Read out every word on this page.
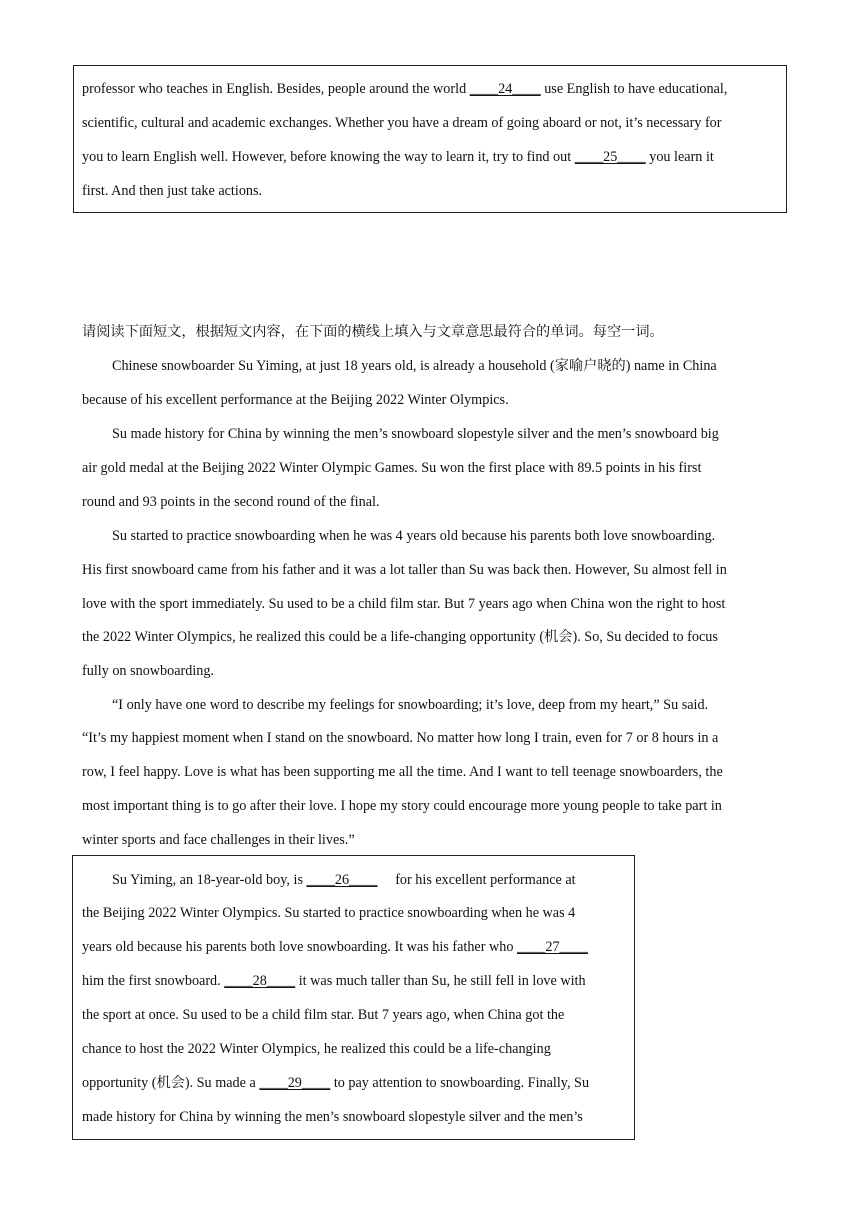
professor who teaches in English. Besides, people around the world ____24____ use English to have educational,
scientific, cultural and academic exchanges. Whether you have a dream of going aboard or not, it’s necessary for
you to learn English well. However, before knowing the way to learn it, try to find out ____25____ you learn it
first. And then just take actions.
请阅读下面短文，根据短文内容，在下面的横线上填入与文章意思最符合的单词。每空一词。
Chinese snowboarder Su Yiming, at just 18 years old, is already a household (家喻户晓的) name in China
because of his excellent performance at the Beijing 2022 Winter Olympics.
Su made history for China by winning the men’s snowboard slopestyle silver and the men’s snowboard big
air gold medal at the Beijing 2022 Winter Olympic Games. Su won the first place with 89.5 points in his first
round and 93 points in the second round of the final.
Su started to practice snowboarding when he was 4 years old because his parents both love snowboarding.
His first snowboard came from his father and it was a lot taller than Su was back then. However, Su almost fell in
love with the sport immediately. Su used to be a child film star. But 7 years ago when China won the right to host
the 2022 Winter Olympics, he realized this could be a life-changing opportunity (机会). So, Su decided to focus
fully on snowboarding.
“I only have one word to describe my feelings for snowboarding; it’s love, deep from my heart,” Su said.
“It’s my happiest moment when I stand on the snowboard. No matter how long I train, even for 7 or 8 hours in a
row, I feel happy. Love is what has been supporting me all the time. And I want to tell teenage snowboarders, the
most important thing is to go after their love. I hope my story could encourage more young people to take part in
winter sports and face challenges in their lives.”
Su Yiming, an 18-year-old boy, is ____26____     for his excellent performance at
the Beijing 2022 Winter Olympics. Su started to practice snowboarding when he was 4
years old because his parents both love snowboarding. It was his father who ____27____
him the first snowboard. ____28____ it was much taller than Su, he still fell in love with
the sport at once. Su used to be a child film star. But 7 years ago, when China got the
chance to host the 2022 Winter Olympics, he realized this could be a life-changing
opportunity (机会). Su made a ____29____ to pay attention to snowboarding. Finally, Su
made history for China by winning the men’s snowboard slopestyle silver and the men’s
